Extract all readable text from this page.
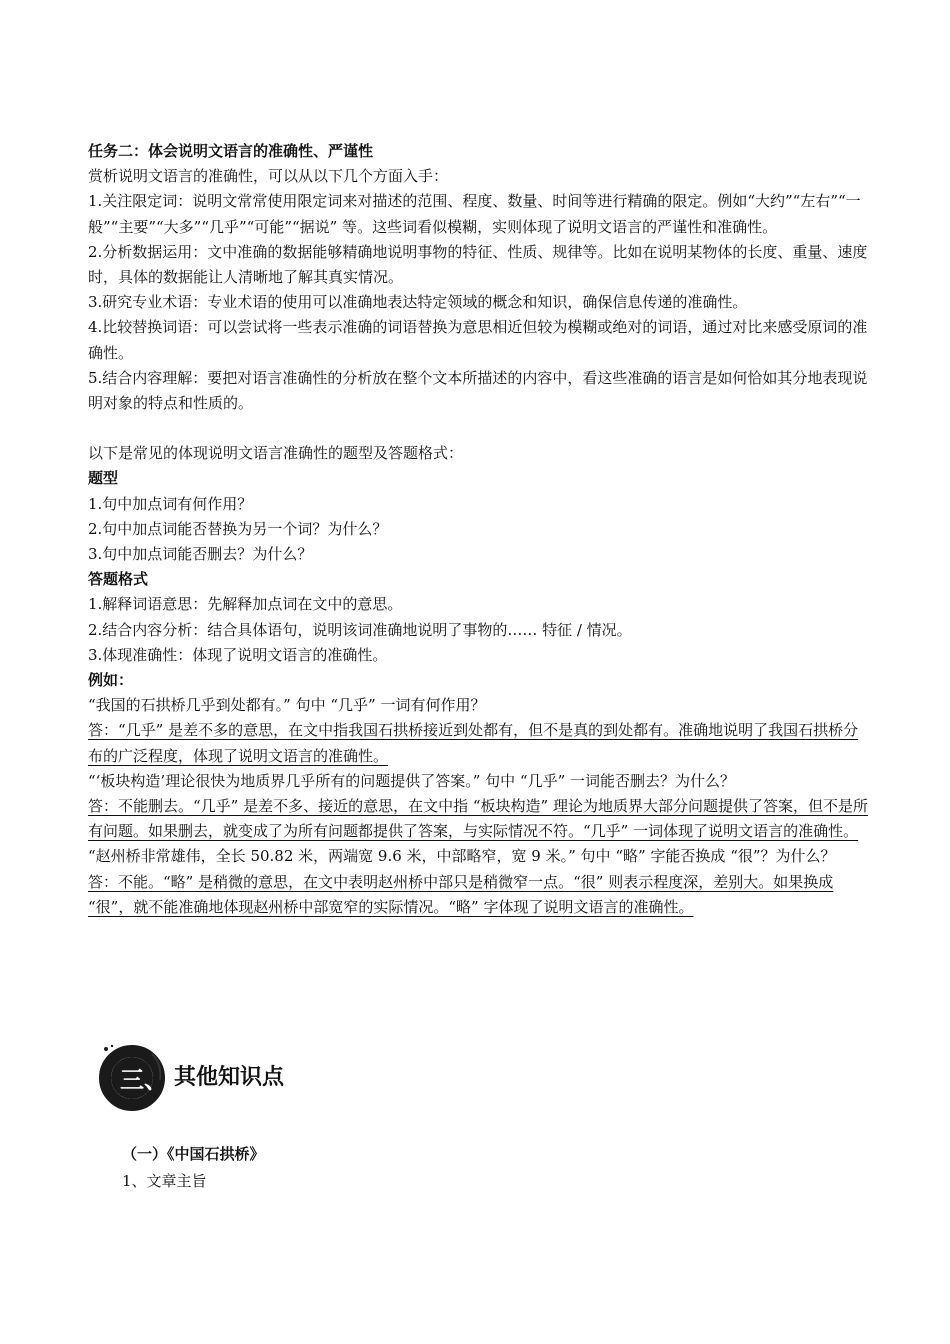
任务二：体会说明文语言的准确性、严谨性

赏析说明文语言的准确性，可以从以下几个方面入手：

1.关注限定词：说明文常常使用限定词来对描述的范围、程度、数量、时间等进行精确的限定。例如“大约”“左右”“一般”“主要”“大多”“几乎”“可能”“据说” 等。这些词看似模糊，实则体现了说明文语言的严谨性和准确性。

2.分析数据运用：文中准确的数据能够精确地说明事物的特征、性质、规律等。比如在说明某物体的长度、重量、速度时，具体的数据能让人清晰地了解其真实情况。

3.研究专业术语：专业术语的使用可以准确地表达特定领域的概念和知识，确保信息传递的准确性。

4.比较替换词语：可以尝试将一些表示准确的词语替换为意思相近但较为模糊或绝对的词语，通过对比来感受原词的准确性。

5.结合内容理解：要把对语言准确性的分析放在整个文本所描述的内容中，看这些准确的语言是如何恰如其分地表现说明对象的特点和性质的。

以下是常见的体现说明文语言准确性的题型及答题格式：

题型

1.句中加点词有何作用？

2.句中加点词能否替换为另一个词？为什么？

3.句中加点词能否删去？为什么？

答题格式

1.解释词语意思：先解释加点词在文中的意思。

2.结合内容分析：结合具体语句，说明该词准确地说明了事物的…… 特征 / 情况。

3.体现准确性：体现了说明文语言的准确性。

例如：

“我国的石拱桥几乎到处都有。” 句中 “几乎” 一词有何作用？

答：“几乎” 是差不多的意思，在文中指我国石拱桥接近到处都有，但不是真的到处都有。准确地说明了我国石拱桥分布的广泛程度，体现了说明文语言的准确性。

“‘板块构造’理论很快为地质界几乎所有的问题提供了答案。” 句中 “几乎” 一词能否删去？为什么？

答：不能删去。“几乎” 是差不多、接近的意思，在文中指 “板块构造” 理论为地质界大部分问题提供了答案，但不是所有问题。如果删去，就变成了为所有问题都提供了答案，与实际情况不符。“几乎” 一词体现了说明文语言的准确性。

“赵州桥非常雄伟，全长 50.82 米，两端宽 9.6 米，中部略窄，宽 9 米。” 句中 “略” 字能否换成 “很”？为什么？

答：不能。“略” 是稍微的意思，在文中表明赵州桥中部只是稍微窄一点。“很” 则表示程度深，差别大。如果换成 “很”，就不能准确地体现赵州桥中部宽窄的实际情况。“略” 字体现了说明文语言的准确性。

三、 其他知识点
（一）《中国石拱桥》
1、文章主旨
